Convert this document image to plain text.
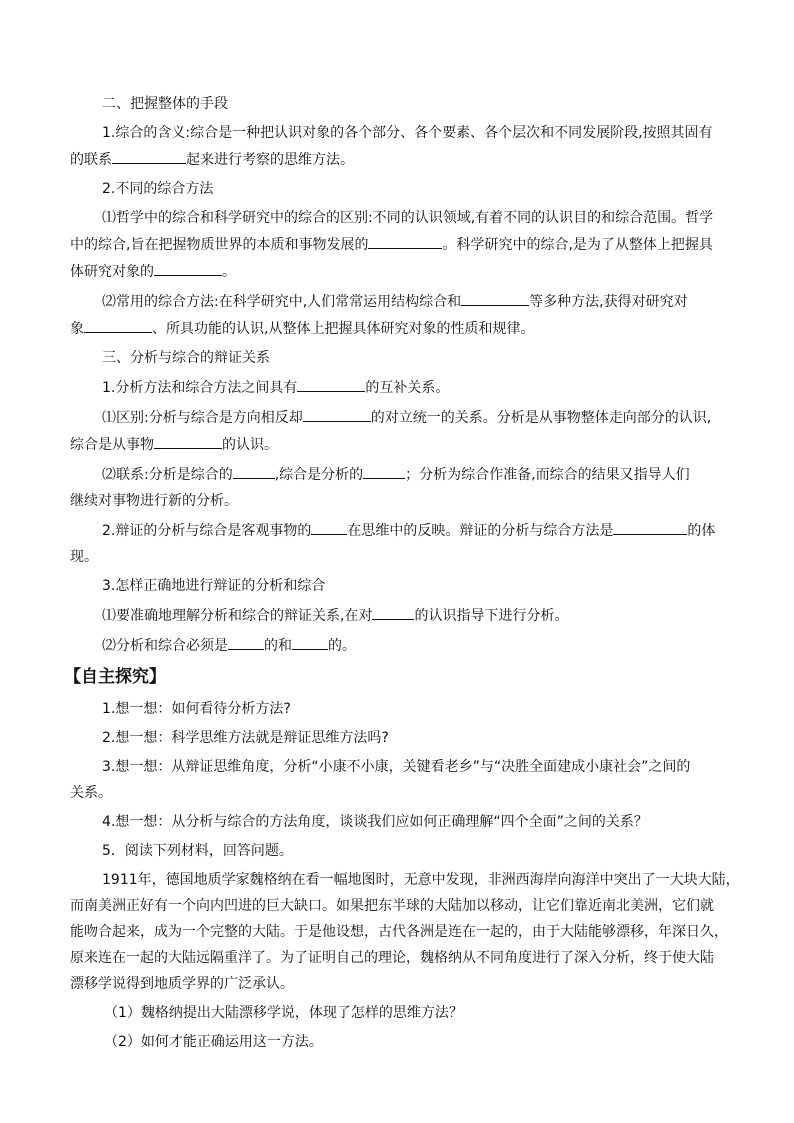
二、把握整体的手段
1.综合的含义:综合是一种把认识对象的各个部分、各个要素、各个层次和不同发展阶段,按照其固有
的联系	起来进行考察的思维方法。
2.不同的综合方法
⑴哲学中的综合和科学研究中的综合的区别:不同的认识领域,有着不同的认识目的和综合范围。哲学
中的综合,旨在把握物质世界的本质和事物发展的	。科学研究中的综合,是为了从整体上把握具
体研究对象的	。
⑵常用的综合方法:在科学研究中,人们常常运用结构综合和	等多种方法,获得对研究对
象	、所具功能的认识,从整体上把握具体研究对象的性质和规律。
三、分析与综合的辩证关系
1.分析方法和综合方法之间具有	的互补关系。
⑴区别:分析与综合是方向相反却	的对立统一的关系。分析是从事物整体走向部分的认识,
综合是从事物	的认识。
⑵联系:分析是综合的	,综合是分析的	；分析为综合作准备,而综合的结果又指导人们
继续对事物进行新的分析。
2.辩证的分析与综合是客观事物的	在思维中的反映。辩证的分析与综合方法是	的体
现。
3.怎样正确地进行辩证的分析和综合
⑴要准确地理解分析和综合的辩证关系,在对	的认识指导下进行分析。
⑵分析和综合必须是	的和	的。
【自主探究】
1.想一想：如何看待分析方法?
2.想一想：科学思维方法就是辩证思维方法吗?
3.想一想：从辩证思维角度，分析“小康不小康，关键看老乡”与“决胜全面建成小康社会”之间的
关系。
4.想一想：从分析与综合的方法角度，谈谈我们应如何正确理解“四个全面”之间的关系？
5．阅读下列材料，回答问题。
1911年，德国地质学家魏格纳在看一幅地图时，无意中发现，非洲西海岸向海洋中突出了一大块大陆，
而南美洲正好有一个向内凹进的巨大缺口。如果把东半球的大陆加以移动，让它们靠近南北美洲，它们就
能吻合起来，成为一个完整的大陆。于是他设想，古代各洲是连在一起的，由于大陆能够漂移，年深日久，
原来连在一起的大陆远隔重洋了。为了证明自己的理论，魏格纳从不同角度进行了深入分析，终于使大陆
漂移学说得到地质学界的广泛承认。
（1）魏格纳提出大陆漂移学说，体现了怎样的思维方法？
（2）如何才能正确运用这一方法。
